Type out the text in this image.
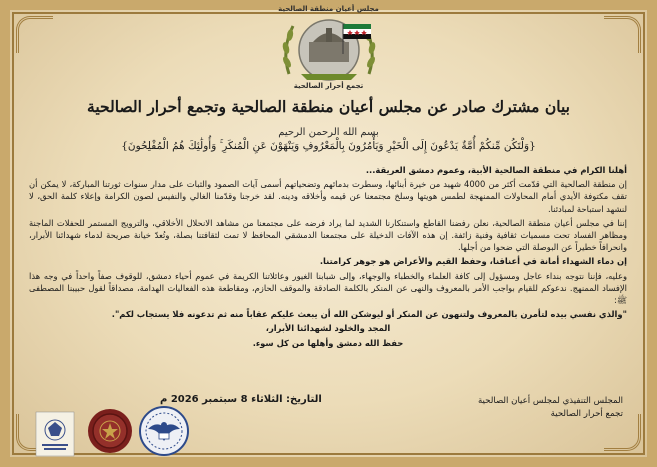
مجلس أعيان منطقة الصالحية
تجمع أحرار الصالحية
بيان مشترك صادر عن مجلس أعيان منطقة الصالحية وتجمع أحرار الصالحية
بسم الله الرحمن الرحيم
{وَلْتَكُن مِّنكُمْ أُمَّةٌ يَدْعُونَ إِلَى الْخَيْرِ وَيَأْمُرُونَ بِالْمَعْرُوفِ وَيَنْهَوْنَ عَنِ الْمُنكَرِ ۚ وَأُولَٰئِكَ هُمُ الْمُفْلِحُونَ}

أهلنا الكرام في منطقة الصالحية الأبية، وعموم دمشق العريقة...

إن منطقة الصالحية التي قدّمت أكثر من 4000 شهيد من خيرة أبنائها، وسطرت بدمائهم وتضحياتهم أسمى آيات الصمود والثبات على مدار سنوات ثورتنا المباركة، لا يمكن أن تقف مكتوفة الأيدي أمام المحاولات الممنهجة لطمس هويتها وسلخ مجتمعنا عن قيمه وأخلاقه ودينه. لقد خرجنا وقدّمنا الغالي والنفيس لصون الكرامة وإعلاء كلمة الحق، لا لنشهد استباحة لمبادئنا.

إننا في مجلس أعيان منطقة الصالحية، نعلن رفضنا القاطع واستنكارنا الشديد لما يراد فرضه على مجتمعنا من مشاهد الانحلال الأخلاقي، والترويج المستمر للحفلات الماجنة ومظاهر الفساد تحت مسميات ثقافية وفنية زائفة. إن هذه الآفات الدخيلة على مجتمعنا الدمشقي المحافظ لا تمت لثقافتنا بصلة، وتُعدّ خيانة صريحة لدماء شهدائنا الأبرار، وانحرافاً خطيراً عن البوصلة التي ضحوا من أجلها.

إن دماء الشهداء أمانة في أعناقنا، وحفظ القيم والأعراض هو جوهر كرامتنا.

وعليه، فإننا نتوجه بنداء عاجل ومسؤول إلى كافة العلماء والخطباء والوجهاء، وإلى شبابنا الغيور وعائلاتنا الكريمة في عموم أحياء دمشق، للوقوف صفاً واحداً في وجه هذا الإفساد الممنهج. ندعوكم للقيام بواجب الأمر بالمعروف والنهى عن المنكر بالكلمة الصادقة والموقف الحازم، ومقاطعة هذه الفعاليات الهدامة، مصداقاً لقول حبيبنا المصطفى ﷺ:

"والذي نفسي بيده لتأمرن بالمعروف ولتنهون عن المنكر أو ليوشكن الله أن يبعث عليكم عقاباً منه ثم تدعونه فلا يستجاب لكم".

المجد والخلود لشهدائنا الأبرار،

حفظ الله دمشق وأهلها من كل سوء.

التاريخ: الثلاثاء 8 سبتمبر 2026 م	المجلس التنفيذي لمجلس أعيان الصالحية
تجمع أحرار الصالحية
